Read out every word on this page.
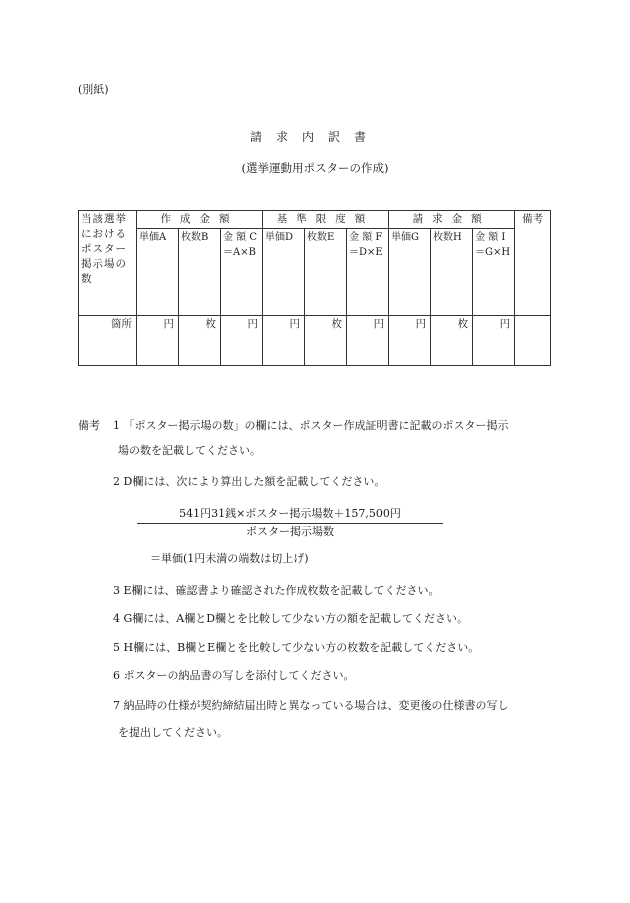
(別紙)
請求内訳書
(選挙運動用ポスターの作成)
当該選挙におけるポスター掲示場の数	作成金額			基準限度額			請求金額			備考
	単価A	枚数B	金 額 C＝A×B	単価D	枚数E	金 額 F＝D×E	単価G	枚数H	金 額 I＝G×H	
箇所	円	枚	円	円	枚	円	円	枚	円	
備考 1 「ポスター掲示場の数」の欄には、ポスター作成証明書に記載のポスター掲示
場の数を記載してください。
2 D欄には、次により算出した額を記載してください。
541円31銭×ポスター掲示場数＋157,500円
ポスター掲示場数
＝単価(1円未満の端数は切上げ)
3 E欄には、確認書より確認された作成枚数を記載してください。
4 G欄には、A欄とD欄とを比較して少ない方の額を記載してください。
5 H欄には、B欄とE欄とを比較して少ない方の枚数を記載してください。
6 ポスターの納品書の写しを添付してください。
7 納品時の仕様が契約締結届出時と異なっている場合は、変更後の仕様書の写し
を提出してください。
